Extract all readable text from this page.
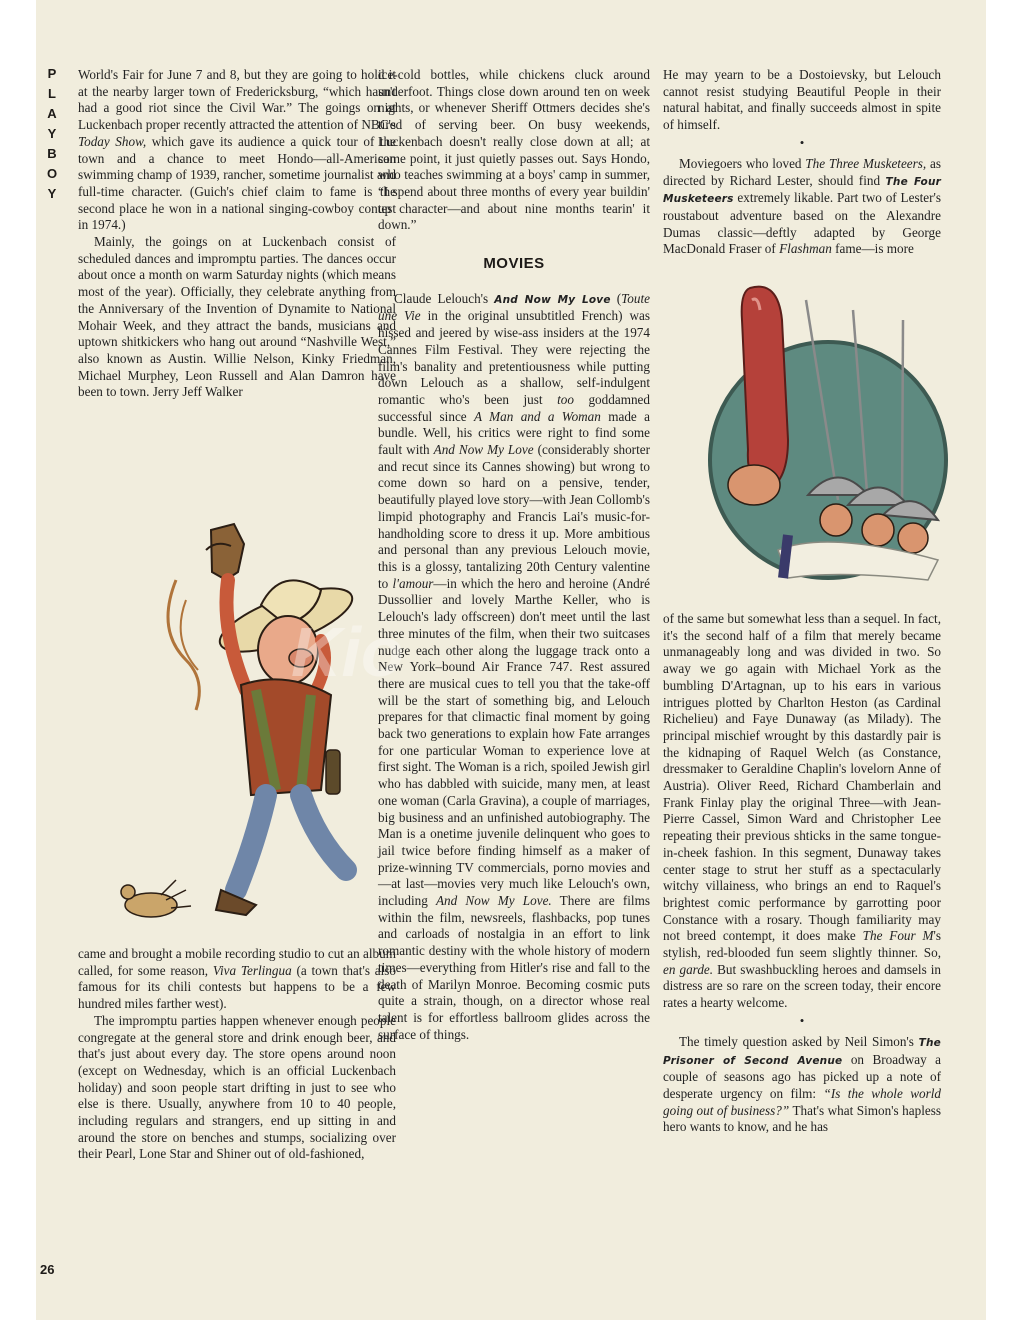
P
L
A
Y
B
O
Y

World's Fair for June 7 and 8, but they are going to hold it at the nearby larger town of Fredericksburg, “which hasn't had a good riot since the Civil War.” The goings on at Luckenbach proper recently attracted the attention of NBC's Today Show, which gave its audience a quick tour of the town and a chance to meet Hondo—all-American swimming champ of 1939, rancher, sometime journalist and full-time character. (Guich's chief claim to fame is the second place he won in a national singing-cowboy contest in 1974.)

Mainly, the goings on at Luckenbach consist of scheduled dances and impromptu parties. The dances occur about once a month on warm Saturday nights (which means most of the year). Officially, they celebrate anything from the Anniversary of the Invention of Dynamite to National Mohair Week, and they attract the bands, musicians and uptown shitkickers who hang out around “Nashville West,” also known as Austin. Willie Nelson, Kinky Friedman, Michael Murphey, Leon Russell and Alan Damron have been to town. Jerry Jeff Walker

came and brought a mobile recording studio to cut an album called, for some reason, Viva Terlingua (a town that's also famous for its chili contests but happens to be a few hundred miles farther west).

The impromptu parties happen whenever enough people congregate at the general store and drink enough beer, and that's just about every day. The store opens around noon (except on Wednesday, which is an official Luckenbach holiday) and soon people start drifting in just to see who else is there. Usually, anywhere from 10 to 40 people, including regulars and strangers, end up sitting in and around the store on benches and stumps, socializing over their Pearl, Lone Star and Shiner out of old-fashioned,

ice-cold bottles, while chickens cluck around underfoot. Things close down around ten on week nights, or whenever Sheriff Ottmers decides she's tired of serving beer. On busy weekends, Luckenbach doesn't really close down at all; at some point, it just quietly passes out. Says Hondo, who teaches swimming at a boys' camp in summer, “I spend about three months of every year buildin' up character—and about nine months tearin' it down.”

MOVIES

Claude Lelouch's And Now My Love (Toute une Vie in the original unsubtitled French) was hissed and jeered by wise-ass insiders at the 1974 Cannes Film Festival. They were rejecting the film's banality and pretentiousness while putting down Lelouch as a shallow, self-indulgent romantic who's been just too goddamned successful since A Man and a Woman made a bundle. Well, his critics were right to find some fault with And Now My Love (considerably shorter and recut since its Cannes showing) but wrong to come down so hard on a pensive, tender, beautifully played love story—with Jean Collomb's limpid photography and Francis Lai's music-for-handholding score to dress it up. More ambitious and personal than any previous Lelouch movie, this is a glossy, tantalizing 20th Century valentine to l'amour—in which the hero and heroine (André Dussollier and lovely Marthe Keller, who is Lelouch's lady offscreen) don't meet until the last three minutes of the film, when their two suitcases nudge each other along the luggage track onto a New York–bound Air France 747. Rest assured there are musical cues to tell you that the take-off will be the start of something big, and Lelouch prepares for that climactic final moment by going back two generations to explain how Fate arranges for one particular Woman to experience love at first sight. The Woman is a rich, spoiled Jewish girl who has dabbled with suicide, many men, at least one woman (Carla Gravina), a couple of marriages, big business and an unfinished autobiography. The Man is a onetime juvenile delinquent who goes to jail twice before finding himself as a maker of prize-winning TV commercials, porno movies and—at last—movies very much like Lelouch's own, including And Now My Love. There are films within the film, newsreels, flashbacks, pop tunes and carloads of nostalgia in an effort to link romantic destiny with the whole history of modern times—everything from Hitler's rise and fall to the death of Marilyn Monroe. Becoming cosmic puts quite a strain, though, on a director whose real talent is for effortless ballroom glides across the surface of things.

He may yearn to be a Dostoievsky, but Lelouch cannot resist studying Beautiful People in their natural habitat, and finally succeeds almost in spite of himself.

•

Moviegoers who loved The Three Musketeers, as directed by Richard Lester, should find The Four Musketeers extremely likable. Part two of Lester's roustabout adventure based on the Alexandre Dumas classic—deftly adapted by George MacDonald Fraser of Flashman fame—is more

of the same but somewhat less than a sequel. In fact, it's the second half of a film that merely became unmanageably long and was divided in two. So away we go again with Michael York as the bumbling D'Artagnan, up to his ears in various intrigues plotted by Charlton Heston (as Cardinal Richelieu) and Faye Dunaway (as Milady). The principal mischief wrought by this dastardly pair is the kidnaping of Raquel Welch (as Constance, dressmaker to Geraldine Chaplin's lovelorn Anne of Austria). Oliver Reed, Richard Chamberlain and Frank Finlay play the original Three—with Jean-Pierre Cassel, Simon Ward and Christopher Lee repeating their previous shticks in the same tongue-in-cheek fashion. In this segment, Dunaway takes center stage to strut her stuff as a spectacularly witchy villainess, who brings an end to Raquel's brightest comic performance by garrotting poor Constance with a rosary. Though familiarity may not breed contempt, it does make The Four M's stylish, red-blooded fun seem slightly thinner. So, en garde. But swashbuckling heroes and damsels in distress are so rare on the screen today, their encore rates a hearty welcome.

•

The timely question asked by Neil Simon's The Prisoner of Second Avenue on Broadway a couple of seasons ago has picked up a note of desperate urgency on film: “Is the whole world going out of business?” That's what Simon's hapless hero wants to know, and he has

Kio
26
